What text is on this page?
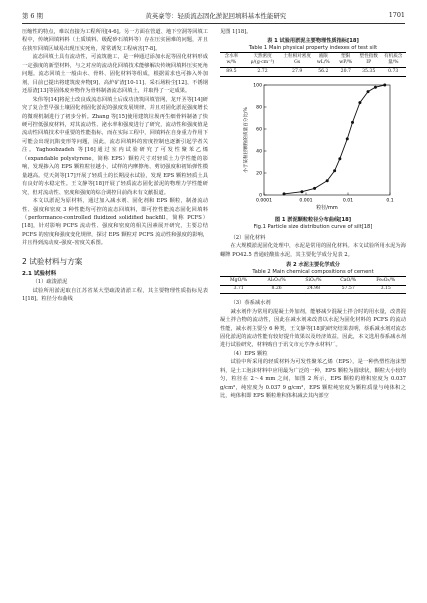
第 6 期	黄英豪等：轻质流态固化淤泥回填料基本性能研究	1701

压缩性的特点，难以直接为工程所用[4-6]。另一方面在管道、地下空洞等回填工程中，传统回填料料（土质填料、级配砂石填料等）存在压实困难的问题，并且在狭窄回填区域易出现压实死角，常常诱发工程病害[7-8]。

流态回填土具有流动性，可流筑施工，是一种通过添加水泥等固化材料形成一定强度的新型材料，与之对应的流动化回填技术能够解决传统回填料压实死角问题。流态回填土一般由水、骨料、固化材料等组成，根据需求也可掺入外加剂，目前已提出将建筑废弃物[9]、高炉矿渣[10-11]、采石场粉尘[12]、不锈钢还原渣[13]等固体废弃物作为骨料制备流态回填土，并取得了一定成果。

朱伟等[14]将泥土改良成流态回填土后成功浇筑回填管网，龙开圣等[14]研究了复合型早强土壤固化剂固化淤泥的强度发展规律，并且对固化淤泥强度增长的微观机制进行了初步分析。Zhang 等[15]使用建筑垃圾再生细骨料制备了快硬可控低强度材料，对其流动性、泌水率和强度进行了研究，流动性和强度值是流动性回填技术中重要的性能指标，而在实际工程中，回填料在自身重力作用下可能会出现沉陷变形等问题，因此，流态回填料的密度控制也逐渐引起学者关注。Yaghoobzadeh 等[16]通过室内试验研究了可发性聚苯乙烯（expandable polystyrene，简称 EPS）颗粒尺寸对轻质土力学性能的影响，发现掺入的 EPS 颗粒粒径越小，试样的内摩擦角、剪切强度和初始弹性模量越高。党天剑等[17]开展了轻质土的长期浸水试验，发现 EPS 颗粒轻质土具有良好的水稳定性。王文静等[18]开展了轻质流态固化淤泥的物理力学性能研究，但对流动性、密度和强度的综合调控目前尚未有文献报道。

本文以淤泥为原材料，通过加入减水剂、固化剂和 EPS 颗粒，制备流动性、强度和密度 3 种性能均可控的流态回填料，即可控性能流态固化回填料（performance-controlled fluidized solidified backfill，简称 PCFS）[18]，针对影响 PCFS 流动性、强度和密度的相关因素展开研究，主要总结 PCFS 的密度和强度变化规律，探讨 EPS 颗粒对 PCFS 流动性和强度的影响，并且得到流动度–强度–密度关系图。

2 试验材料与方案

2.1 试验材料

（1）疏浚淤泥

试验所用淤泥取自江苏省某大型疏浚清淤工程，其主要物理性质指标见表 1[18]。粒径分布曲线

见图 1[18]。

表 1 试验用淤泥主要物理性质指标[18]
Table 1 Main physical property indexes of test silt
含水率 w/%	天然密度 ρ/(g·cm⁻³)	土粒相对密度 Gs	液限 wL/%	塑限 wP/%	塑性指数 IP	有机质含量/%
89.5	2.72	27.9	56.2	20.7	35.35	0.73
0
20
40
60
80
100
0.0001	0.001	0.01	0.1
粒径/mm
小于某粒径颗粒的质量百分比/%
图 1 淤泥颗粒粒径分布曲线[18]
Fig.1 Particle size distribution curve of silt[18]

（2）固化材料

在大规模淤泥固化处理中，水泥是常用的固化材料。本文试验所用水泥为海螺牌 PO42.5 普通硅酸盐水泥，其主要化学成分见表 2。

表 2 水泥主要化学成分
Table 2 Main chemical compositions of cement
MgO/%	Al₂O₃/%	SiO₂/%	CaO/%	Fe₂O₃/%
3.71	8.26	24.98	57.57	3.15

（3）萘系减水剂

减水剂作为常用的混凝土外加剂，能够减少混凝土拌合时的用水量，改善混凝土拌合物的流动性，因此在减水剂来改善以水泥为固化材料的 PCFS 的流动性能，减水剂主要分 6 种类，王文静等[18]的研究结果表明，萘系减水剂对流态固化淤泥的流动性能有较好提升效果以及经济效益，因此，本文选用萘系减水剂进行试验研究，材料购自于讯文市元亨净水材料厂。

（4）EPS 颗粒

试验中所采用的轻质材料为可发性聚苯乙烯（EPS），是一种热塑性泡沫塑料，是土工泡沫材料中应用最为广泛的一种，EPS 颗粒为圆球状，颗粒大小较均匀，粒径在 2～4 mm 之间，如图 2 所示，EPS 颗粒的堆积密度为 0.037 g/cm³，纯密度为 0.037 9 g/cm³，EPS 颗粒纯密度为颗粒质量与纯体积之比，纯体积即 EPS 颗粒堆积体积减去其内部空
